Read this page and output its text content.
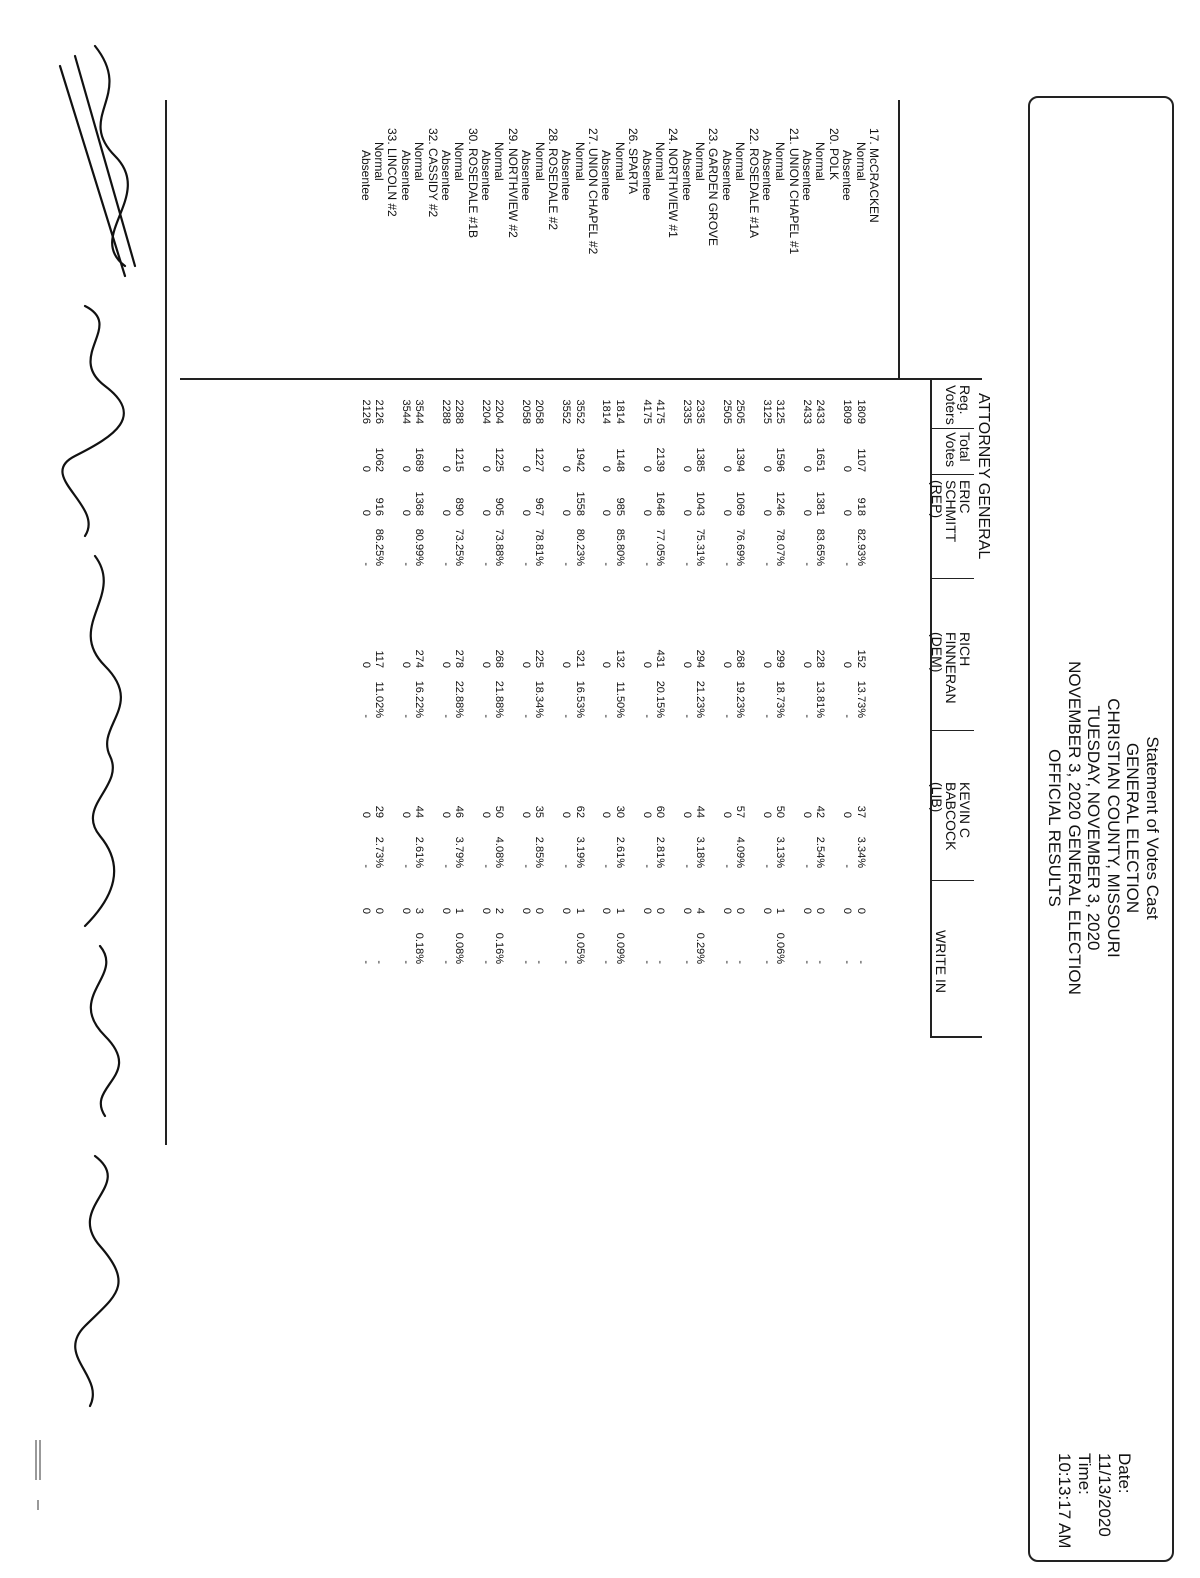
Statement of Votes Cast
GENERAL ELECTION
CHRISTIAN COUNTY, MISSOURI
TUESDAY, NOVEMBER 3, 2020
NOVEMBER 3, 2020 GENERAL ELECTION
OFFICIAL RESULTS
Date: 11/13/2020
Time: 10:13:17 AM
ATTORNEY GENERAL
Reg.
Voters
Total
Votes
ERIC
SCHMITT
(REP)
RICH
FINNERAN
(DEM)
KEVIN C
BABCOCK
(LIB)
WRITE IN
17. McCRACKEN
Normal
Absentee
20. POLK
Normal
Absentee
21. UNION CHAPEL #1
Normal
Absentee
22. ROSEDALE #1A
Normal
Absentee
23. GARDEN GROVE
Normal
Absentee
24. NORTHVIEW #1
Normal
Absentee
26. SPARTA
Normal
Absentee
27. UNION CHAPEL #2
Normal
Absentee
28. ROSEDALE #2
Normal
Absentee
29. NORTHVIEW #2
Normal
Absentee
30. ROSEDALE #1B
Normal
Absentee
32. CASSIDY #2
Normal
Absentee
33. LINCOLN #2
Normal
Absentee
1809
1107
918
82.93%
152
13.73%
37
3.34%
0
-
1809
0
0
-
0
-
0
-
0
-
2433
1651
1381
83.65%
228
13.81%
42
2.54%
0
-
2433
0
0
-
0
-
0
-
0
-
3125
1596
1246
78.07%
299
18.73%
50
3.13%
1
0.06%
3125
0
0
-
0
-
0
-
0
-
2505
1394
1069
76.69%
268
19.23%
57
4.09%
0
-
2505
0
0
-
0
-
0
-
0
-
2335
1385
1043
75.31%
294
21.23%
44
3.18%
4
0.29%
2335
0
0
-
0
-
0
-
0
-
4175
2139
1648
77.05%
431
20.15%
60
2.81%
0
-
4175
0
0
-
0
-
0
-
0
-
1814
1148
985
85.80%
132
11.50%
30
2.61%
1
0.09%
1814
0
0
-
0
-
0
-
0
-
3552
1942
1558
80.23%
321
16.53%
62
3.19%
1
0.05%
3552
0
0
-
0
-
0
-
0
-
2058
1227
967
78.81%
225
18.34%
35
2.85%
0
-
2058
0
0
-
0
-
0
-
0
-
2204
1225
905
73.88%
268
21.88%
50
4.08%
2
0.16%
2204
0
0
-
0
-
0
-
0
-
2288
1215
890
73.25%
278
22.88%
46
3.79%
1
0.08%
2288
0
0
-
0
-
0
-
0
-
3544
1689
1368
80.99%
274
16.22%
44
2.61%
3
0.18%
3544
0
0
-
0
-
0
-
0
-
2126
1062
916
86.25%
117
11.02%
29
2.73%
0
-
2126
0
0
-
0
-
0
-
0
-
